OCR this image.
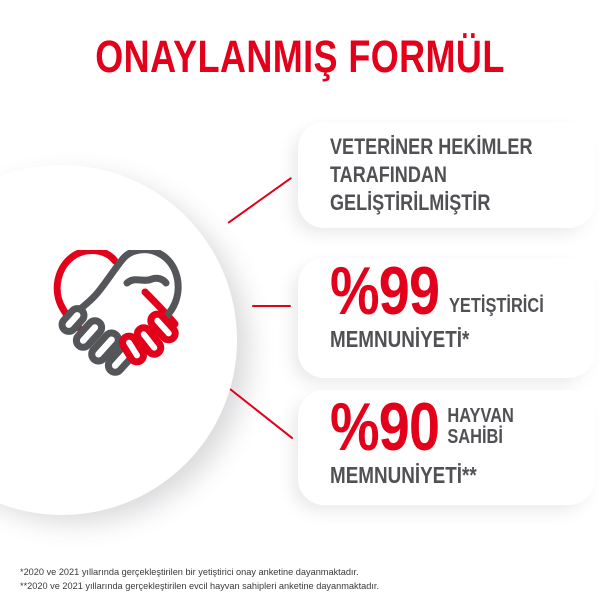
ONAYLANMIŞ FORMÜL
VETERİNER HEKİMLER
TARAFINDAN
GELİŞTİRİLMİŞTİR
%99 YETİŞTİRİCİ
MEMNUNİYETİ*
%90 HAYVAN
SAHİBİ
MEMNUNİYETİ**
*2020 ve 2021 yıllarında gerçekleştirilen bir yetiştirici onay anketine dayanmaktadır.
**2020 ve 2021 yıllarında gerçekleştirilen evcil hayvan sahipleri anketine dayanmaktadır.
